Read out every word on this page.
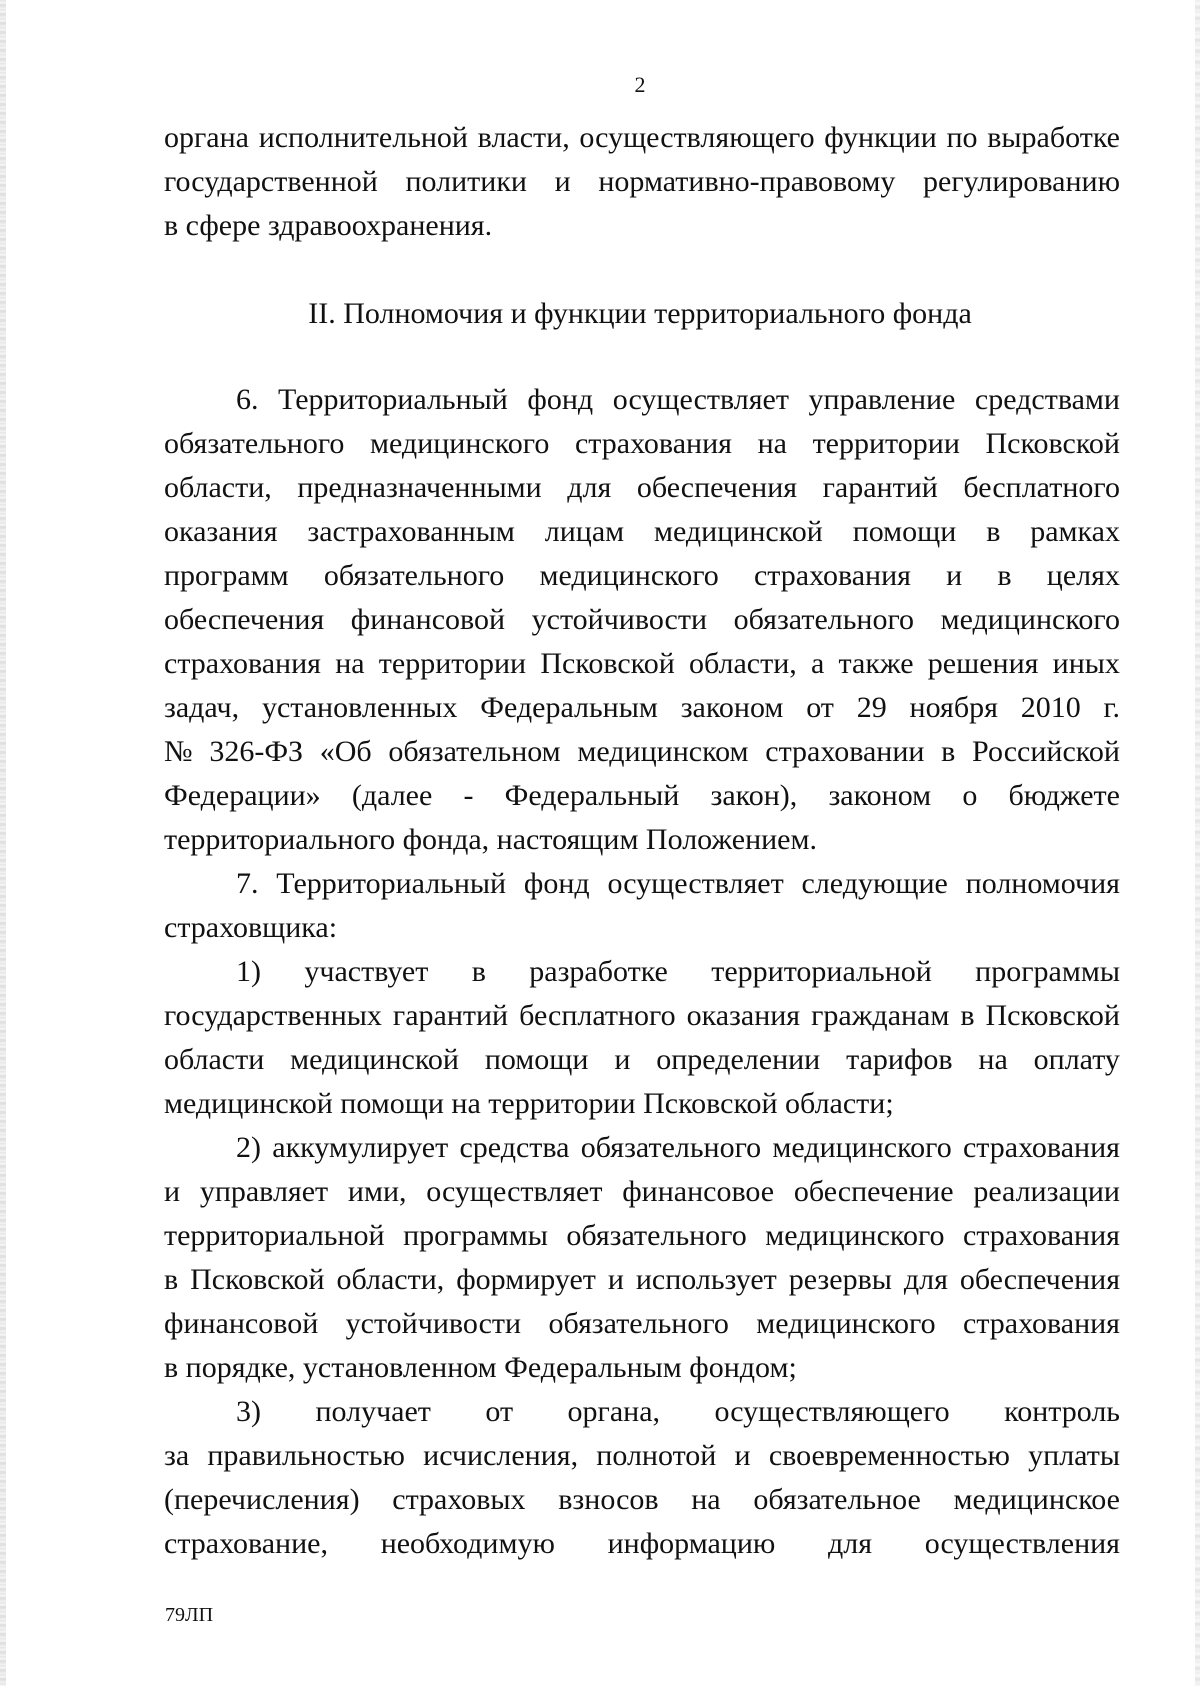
2
органа исполнительной власти, осуществляющего функции по выработке
государственной политики и нормативно-правовому регулированию
в сфере здравоохранения.
II. Полномочия и функции территориального фонда
6. Территориальный фонд осуществляет управление средствами
обязательного медицинского страхования на территории Псковской
области, предназначенными для обеспечения гарантий бесплатного
оказания застрахованным лицам медицинской помощи в рамках
программ обязательного медицинского страхования и в целях
обеспечения финансовой устойчивости обязательного медицинского
страхования на территории Псковской области, а также решения иных
задач, установленных Федеральным законом от 29 ноября 2010 г.
№ 326-ФЗ «Об обязательном медицинском страховании в Российской
Федерации» (далее - Федеральный закон), законом о бюджете
территориального фонда, настоящим Положением.
7. Территориальный фонд осуществляет следующие полномочия
страховщика:
1) участвует в разработке территориальной программы
государственных гарантий бесплатного оказания гражданам в Псковской
области медицинской помощи и определении тарифов на оплату
медицинской помощи на территории Псковской области;
2) аккумулирует средства обязательного медицинского страхования
и управляет ими, осуществляет финансовое обеспечение реализации
территориальной программы обязательного медицинского страхования
в Псковской области, формирует и использует резервы для обеспечения
финансовой устойчивости обязательного медицинского страхования
в порядке, установленном Федеральным фондом;
3) получает от органа, осуществляющего контроль
за правильностью исчисления, полнотой и своевременностью уплаты
(перечисления) страховых взносов на обязательное медицинское
страхование, необходимую информацию для осуществления
79ЛП
